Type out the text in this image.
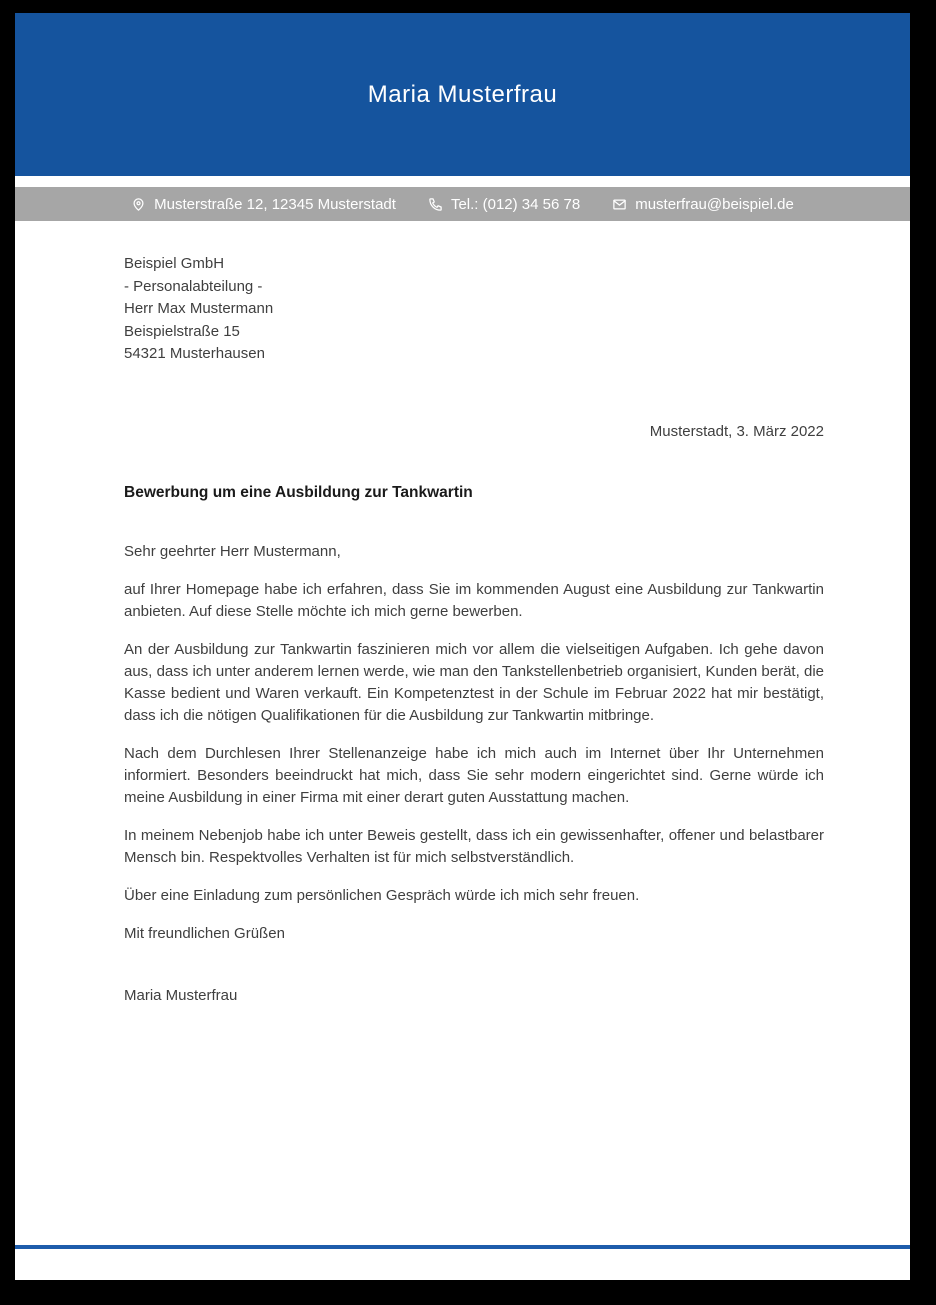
Maria Musterfrau
Musterstraße 12, 12345 Musterstadt	Tel.: (012) 34 56 78	musterfrau@beispiel.de
Beispiel GmbH
- Personalabteilung -
Herr Max Mustermann
Beispielstraße 15
54321 Musterhausen
Musterstadt, 3. März 2022
Bewerbung um eine Ausbildung zur Tankwartin

Sehr geehrter Herr Mustermann,

auf Ihrer Homepage habe ich erfahren, dass Sie im kommenden August eine Ausbildung zur Tankwartin anbieten. Auf diese Stelle möchte ich mich gerne bewerben.

An der Ausbildung zur Tankwartin faszinieren mich vor allem die vielseitigen Aufgaben. Ich gehe davon aus, dass ich unter anderem lernen werde, wie man den Tankstellenbetrieb organisiert, Kunden berät, die Kasse bedient und Waren verkauft. Ein Kompetenztest in der Schule im Februar 2022 hat mir bestätigt, dass ich die nötigen Qualifikationen für die Ausbildung zur Tankwartin mitbringe.

Nach dem Durchlesen Ihrer Stellenanzeige habe ich mich auch im Internet über Ihr Unternehmen informiert. Besonders beeindruckt hat mich, dass Sie sehr modern eingerichtet sind. Gerne würde ich meine Ausbildung in einer Firma mit einer derart guten Ausstattung machen.

In meinem Nebenjob habe ich unter Beweis gestellt, dass ich ein gewissenhafter, offener und belastbarer Mensch bin. Respektvolles Verhalten ist für mich selbstverständlich.

Über eine Einladung zum persönlichen Gespräch würde ich mich sehr freuen.

Mit freundlichen Grüßen

Maria Musterfrau
